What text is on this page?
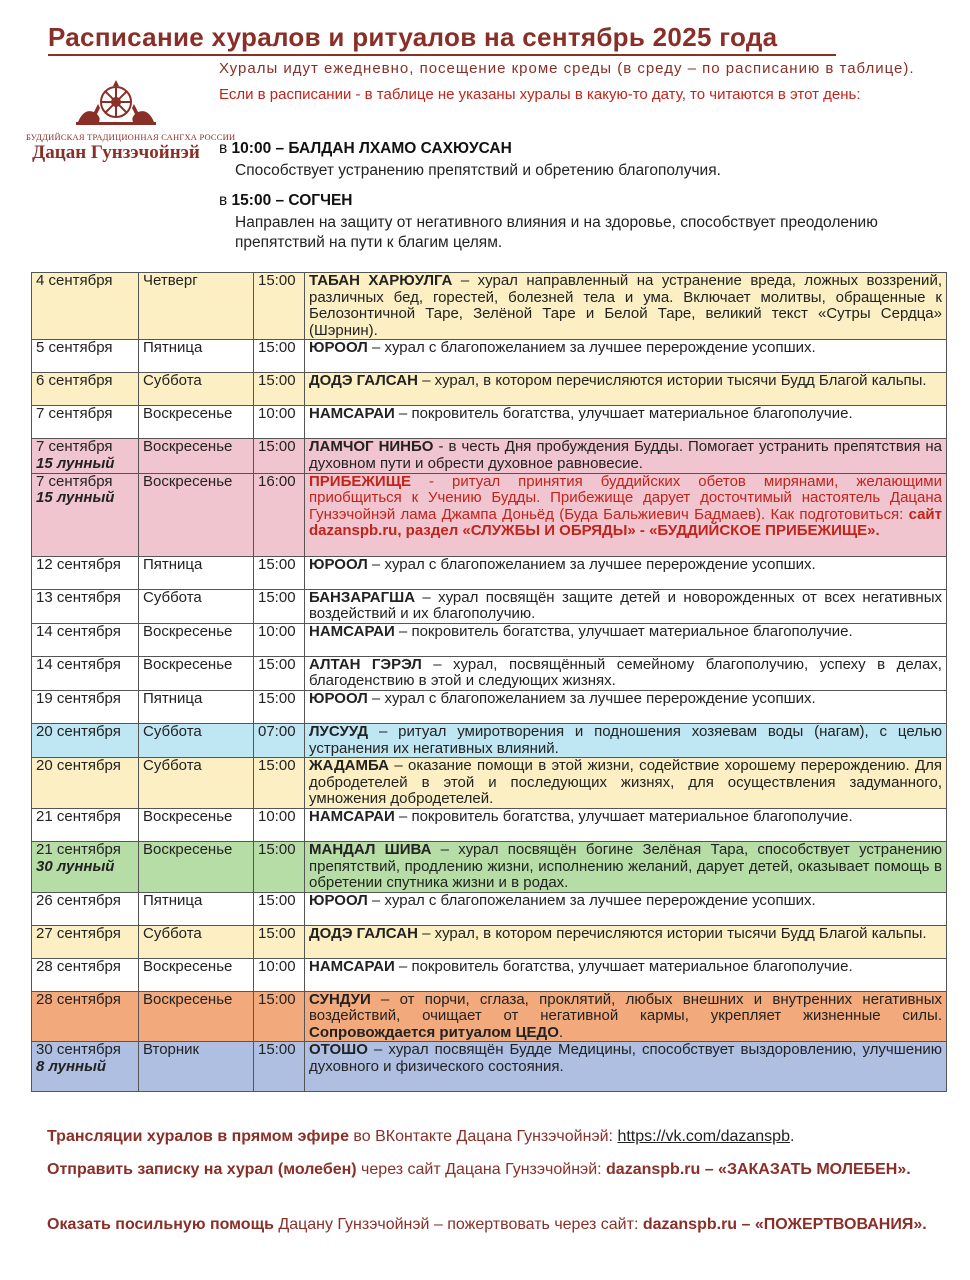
Расписание хуралов и ритуалов на сентябрь 2025 года
БУДДИЙСКАЯ ТРАДИЦИОННАЯ САНГХА РОССИИ
Дацан Гунзэчойнэй

Хуралы идут ежедневно, посещение кроме среды (в среду – по расписанию в таблице).

Если в расписании - в таблице не указаны хуралы в какую-то дату, то читаются в этот день:

в 10:00 – БАЛДАН ЛХАМО САХЮУСАН

Способствует устранению препятствий и обретению благополучия.

в 15:00 – СОГЧЕН

Направлен на защиту от негативного влияния и на здоровье, способствует преодолению препятствий на пути к благим целям.

4 сентября	Четверг	15:00	ТАБАН ХАРЮУЛГА – хурал направленный на устранение вреда, ложных воззрений, различных бед, горестей, болезней тела и ума. Включает молитвы, обращенные к Белозонтичной Таре, Зелёной Таре и Белой Таре, великий текст «Сутры Сердца» (Шэрнин).
5 сентября	Пятница	15:00	ЮРООЛ – хурал с благопожеланием за лучшее перерождение усопших.
6 сентября	Суббота	15:00	ДОДЭ ГАЛСАН – хурал, в котором перечисляются истории тысячи Будд Благой кальпы.
7 сентября	Воскресенье	10:00	НАМСАРАИ – покровитель богатства, улучшает материальное благополучие.
7 сентября
15 лунный	Воскресенье	15:00	ЛАМЧОГ НИНБО - в честь Дня пробуждения Будды. Помогает устранить препятствия на духовном пути и обрести духовное равновесие.
7 сентября
15 лунный	Воскресенье	16:00	ПРИБЕЖИЩЕ - ритуал принятия буддийских обетов мирянами, желающими приобщиться к Учению Будды. Прибежище дарует досточтимый настоятель Дацана Гунзэчойнэй лама Джампа Доньёд (Буда Бальжиевич Бадмаев). Как подготовиться: сайт dazanspb.ru, раздел «СЛУЖБЫ И ОБРЯДЫ» - «БУДДИЙСКОЕ ПРИБЕЖИЩЕ».
12 сентября	Пятница	15:00	ЮРООЛ – хурал с благопожеланием за лучшее перерождение усопших.
13 сентября	Суббота	15:00	БАНЗАРАГША – хурал посвящён защите детей и новорожденных от всех негативных воздействий и их благополучию.
14 сентября	Воскресенье	10:00	НАМСАРАИ – покровитель богатства, улучшает материальное благополучие.
14 сентября	Воскресенье	15:00	АЛТАН ГЭРЭЛ – хурал, посвящённый семейному благополучию, успеху в делах, благоденствию в этой и следующих жизнях.
19 сентября	Пятница	15:00	ЮРООЛ – хурал с благопожеланием за лучшее перерождение усопших.
20 сентября	Суббота	07:00	ЛУСУУД – ритуал умиротворения и подношения хозяевам воды (нагам), с целью устранения их негативных влияний.
20 сентября	Суббота	15:00	ЖАДАМБА – оказание помощи в этой жизни, содействие хорошему перерождению. Для добродетелей в этой и последующих жизнях, для осуществления задуманного, умножения добродетелей.
21 сентября	Воскресенье	10:00	НАМСАРАИ – покровитель богатства, улучшает материальное благополучие.
21 сентября
30 лунный	Воскресенье	15:00	МАНДАЛ ШИВА – хурал посвящён богине Зелёная Тара, способствует устранению препятствий, продлению жизни, исполнению желаний, дарует детей, оказывает помощь в обретении спутника жизни и в родах.
26 сентября	Пятница	15:00	ЮРООЛ – хурал с благопожеланием за лучшее перерождение усопших.
27 сентября	Суббота	15:00	ДОДЭ ГАЛСАН – хурал, в котором перечисляются истории тысячи Будд Благой кальпы.
28 сентября	Воскресенье	10:00	НАМСАРАИ – покровитель богатства, улучшает материальное благополучие.
28 сентября	Воскресенье	15:00	СУНДУИ – от порчи, сглаза, проклятий, любых внешних и внутренних негативных воздействий, очищает от негативной кармы, укрепляет жизненные силы. Сопровождается ритуалом ЦЕДО.
30 сентября
8 лунный	Вторник	15:00	ОТОШО – хурал посвящён Будде Медицины, способствует выздоровлению, улучшению духовного и физического состояния.

Трансляции хуралов в прямом эфире во ВКонтакте Дацана Гунзэчойнэй: https://vk.com/dazanspb.

Отправить записку на хурал (молебен) через сайт Дацана Гунзэчойнэй: dazanspb.ru – «ЗАКАЗАТЬ МОЛЕБЕН».

Оказать посильную помощь Дацану Гунзэчойнэй – пожертвовать через сайт: dazanspb.ru – «ПОЖЕРТВОВАНИЯ».
